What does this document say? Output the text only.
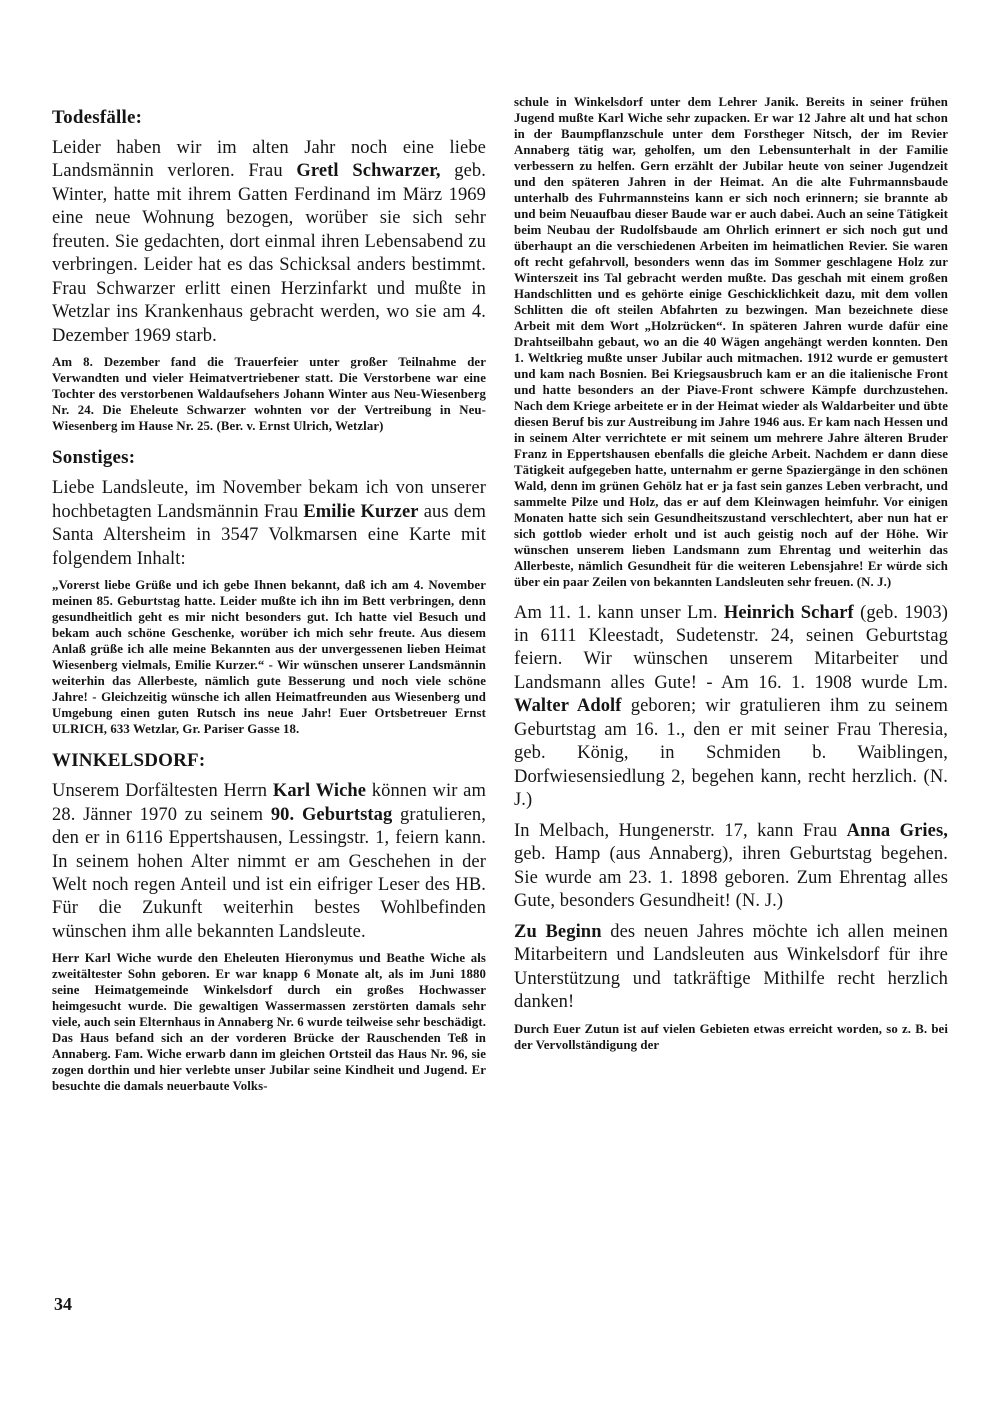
Todesfälle:

Leider haben wir im alten Jahr noch eine liebe Landsmännin verloren. Frau Gretl Schwarzer, geb. Winter, hatte mit ihrem Gatten Ferdinand im März 1969 eine neue Wohnung bezogen, worüber sie sich sehr freuten. Sie gedachten, dort einmal ihren Lebensabend zu verbringen. Leider hat es das Schicksal anders bestimmt. Frau Schwarzer erlitt einen Herzinfarkt und mußte in Wetzlar ins Krankenhaus gebracht werden, wo sie am 4. Dezember 1969 starb.

Am 8. Dezember fand die Trauerfeier unter großer Teilnahme der Verwandten und vieler Heimatvertriebener statt. Die Verstorbene war eine Tochter des verstorbenen Waldaufsehers Johann Winter aus Neu-Wiesenberg Nr. 24. Die Eheleute Schwarzer wohnten vor der Vertreibung in Neu-Wiesenberg im Hause Nr. 25. (Ber. v. Ernst Ulrich, Wetzlar)

Sonstiges:

Liebe Landsleute, im November bekam ich von unserer hochbetagten Landsmännin Frau Emilie Kurzer aus dem Santa Altersheim in 3547 Volkmarsen eine Karte mit folgendem Inhalt:

„Vorerst liebe Grüße und ich gebe Ihnen bekannt, daß ich am 4. November meinen 85. Geburtstag hatte. Leider mußte ich ihn im Bett verbringen, denn gesundheitlich geht es mir nicht besonders gut. Ich hatte viel Besuch und bekam auch schöne Geschenke, worüber ich mich sehr freute. Aus diesem Anlaß grüße ich alle meine Bekannten aus der unvergessenen lieben Heimat Wiesenberg vielmals, Emilie Kurzer.“ - Wir wünschen unserer Landsmännin weiterhin das Allerbeste, nämlich gute Besserung und noch viele schöne Jahre! - Gleichzeitig wünsche ich allen Heimatfreunden aus Wiesenberg und Umgebung einen guten Rutsch ins neue Jahr! Euer Ortsbetreuer Ernst ULRICH, 633 Wetzlar, Gr. Pariser Gasse 18.

WINKELSDORF:

Unserem Dorfältesten Herrn Karl Wiche können wir am 28. Jänner 1970 zu seinem 90. Geburtstag gratulieren, den er in 6116 Eppertshausen, Lessingstr. 1, feiern kann. In seinem hohen Alter nimmt er am Geschehen in der Welt noch regen Anteil und ist ein eifriger Leser des HB. Für die Zukunft weiterhin bestes Wohlbefinden wünschen ihm alle bekannten Landsleute.

Herr Karl Wiche wurde den Eheleuten Hieronymus und Beathe Wiche als zweitältester Sohn geboren. Er war knapp 6 Monate alt, als im Juni 1880 seine Heimatgemeinde Winkelsdorf durch ein großes Hochwasser heimgesucht wurde. Die gewaltigen Wassermassen zerstörten damals sehr viele, auch sein Elternhaus in Annaberg Nr. 6 wurde teilweise sehr beschädigt. Das Haus befand sich an der vorderen Brücke der Rauschenden Teß in Annaberg. Fam. Wiche erwarb dann im gleichen Ortsteil das Haus Nr. 96, sie zogen dorthin und hier verlebte unser Jubilar seine Kindheit und Jugend. Er besuchte die damals neuerbaute Volks-

schule in Winkelsdorf unter dem Lehrer Janik. Bereits in seiner frühen Jugend mußte Karl Wiche sehr zupacken. Er war 12 Jahre alt und hat schon in der Baumpflanzschule unter dem Forstheger Nitsch, der im Revier Annaberg tätig war, geholfen, um den Lebensunterhalt in der Familie verbessern zu helfen. Gern erzählt der Jubilar heute von seiner Jugendzeit und den späteren Jahren in der Heimat. An die alte Fuhrmannsbaude unterhalb des Fuhrmannsteins kann er sich noch erinnern; sie brannte ab und beim Neuaufbau dieser Baude war er auch dabei. Auch an seine Tätigkeit beim Neubau der Rudolfsbaude am Ohrlich erinnert er sich noch gut und überhaupt an die verschiedenen Arbeiten im heimatlichen Revier. Sie waren oft recht gefahrvoll, besonders wenn das im Sommer geschlagene Holz zur Winterszeit ins Tal gebracht werden mußte. Das geschah mit einem großen Handschlitten und es gehörte einige Geschicklichkeit dazu, mit dem vollen Schlitten die oft steilen Abfahrten zu bezwingen. Man bezeichnete diese Arbeit mit dem Wort „Holzrücken“. In späteren Jahren wurde dafür eine Drahtseilbahn gebaut, wo an die 40 Wägen angehängt werden konnten. Den 1. Weltkrieg mußte unser Jubilar auch mitmachen. 1912 wurde er gemustert und kam nach Bosnien. Bei Kriegsausbruch kam er an die italienische Front und hatte besonders an der Piave-Front schwere Kämpfe durchzustehen. Nach dem Kriege arbeitete er in der Heimat wieder als Waldarbeiter und übte diesen Beruf bis zur Austreibung im Jahre 1946 aus. Er kam nach Hessen und in seinem Alter verrichtete er mit seinem um mehrere Jahre älteren Bruder Franz in Eppertshausen ebenfalls die gleiche Arbeit. Nachdem er dann diese Tätigkeit aufgegeben hatte, unternahm er gerne Spaziergänge in den schönen Wald, denn im grünen Gehölz hat er ja fast sein ganzes Leben verbracht, und sammelte Pilze und Holz, das er auf dem Kleinwagen heimfuhr. Vor einigen Monaten hatte sich sein Gesundheitszustand verschlechtert, aber nun hat er sich gottlob wieder erholt und ist auch geistig noch auf der Höhe. Wir wünschen unserem lieben Landsmann zum Ehrentag und weiterhin das Allerbeste, nämlich Gesundheit für die weiteren Lebensjahre! Er würde sich über ein paar Zeilen von bekannten Landsleuten sehr freuen. (N. J.)

Am 11. 1. kann unser Lm. Heinrich Scharf (geb. 1903) in 6111 Kleestadt, Sudetenstr. 24, seinen Geburtstag feiern. Wir wünschen unserem Mitarbeiter und Landsmann alles Gute! - Am 16. 1. 1908 wurde Lm. Walter Adolf geboren; wir gratulieren ihm zu seinem Geburtstag am 16. 1., den er mit seiner Frau Theresia, geb. König, in Schmiden b. Waiblingen, Dorfwiesensiedlung 2, begehen kann, recht herzlich. (N. J.)

In Melbach, Hungenerstr. 17, kann Frau Anna Gries, geb. Hamp (aus Annaberg), ihren Geburtstag begehen. Sie wurde am 23. 1. 1898 geboren. Zum Ehrentag alles Gute, besonders Gesundheit! (N. J.)

Zu Beginn des neuen Jahres möchte ich allen meinen Mitarbeitern und Landsleuten aus Winkelsdorf für ihre Unterstützung und tatkräftige Mithilfe recht herzlich danken!

Durch Euer Zutun ist auf vielen Gebieten etwas erreicht worden, so z. B. bei der Vervollständigung der

34
